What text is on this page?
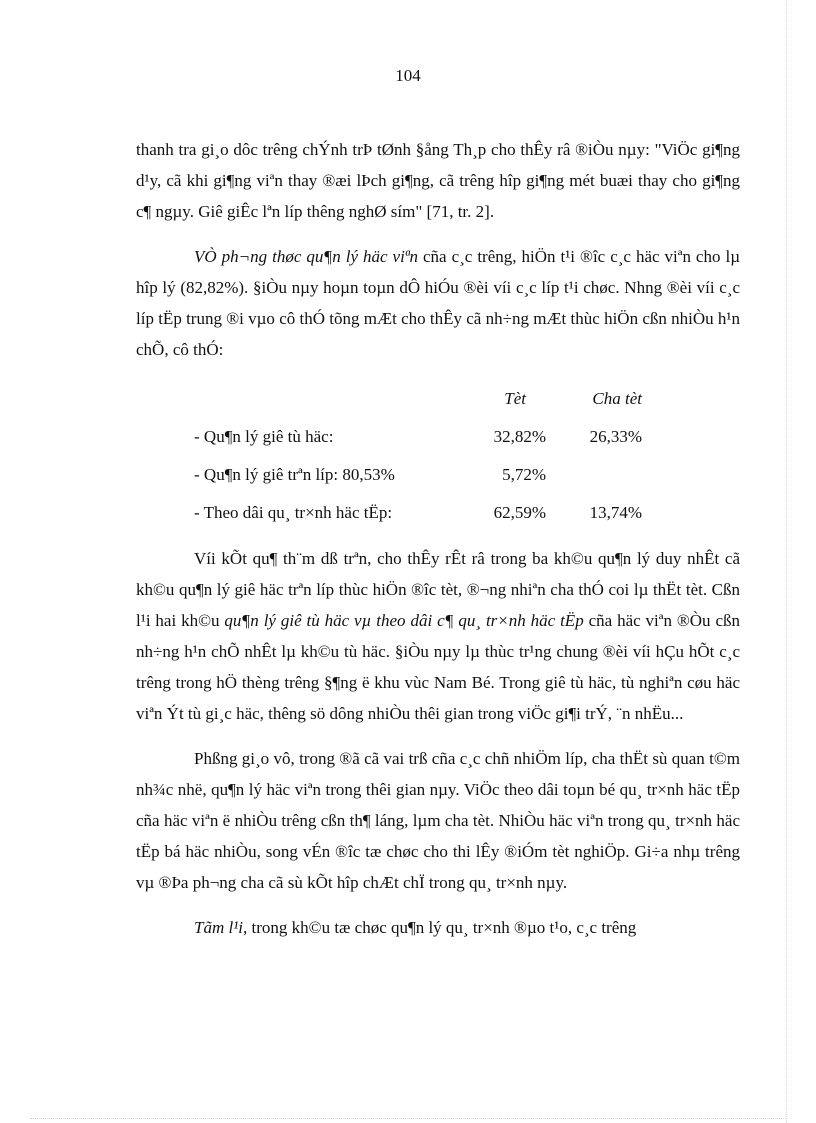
104

thanh tra gi¸o dôc trêng chÝnh trÞ tØnh §ång Th¸p cho thÊy râ ®iÒu nµy: "ViÖc gi¶ng d¹y, cã khi gi¶ng viªn thay ®æi lÞch gi¶ng, cã trêng hîp gi¶ng mét buæi thay cho gi¶ng c¶ ngµy. Giê giÊc lªn líp thêng nghØ sím" [71, tr. 2].

VÒ ph¬ng thøc qu¶n lý häc viªn cña c¸c trêng, hiÖn t¹i ®îc c¸c häc viªn cho lµ hîp lý (82,82%). §iÒu nµy hoµn toµn dÔ hiÓu ®èi víi c¸c líp t¹i chøc. Nhng ®èi víi c¸c líp tËp trung ®i vµo cô thÓ tõng mÆt cho thÊy cã nh÷ng mÆt thùc hiÖn cßn nhiÒu h¹n chÕ, cô thÓ:

Tèt	Cha tèt
- Qu¶n lý giê tù häc:	32,82%	26,33%
- Qu¶n lý giê trªn líp: 80,53%	5,72%
- Theo dâi qu¸ tr×nh häc tËp:	62,59%	13,74%

Víi kÕt qu¶ th¨m dß trªn, cho thÊy rÊt râ trong ba kh©u qu¶n lý duy nhÊt cã kh©u qu¶n lý giê häc trªn líp thùc hiÖn ®îc tèt, ®¬ng nhiªn cha thÓ coi lµ thËt tèt. Cßn l¹i hai kh©u qu¶n lý giê tù häc vµ theo dâi c¶ qu¸ tr×nh häc tËp cña häc viªn ®Òu cßn nh÷ng h¹n chÕ nhÊt lµ kh©u tù häc. §iÒu nµy lµ thùc tr¹ng chung ®èi víi hÇu hÕt c¸c trêng trong hÖ thèng trêng §¶ng ë khu vùc Nam Bé. Trong giê tù häc, tù nghiªn cøu häc viªn Ýt tù gi¸c häc, thêng sö dông nhiÒu thêi gian trong viÖc gi¶i trÝ, ¨n nhËu...

Phßng gi¸o vô, trong ®ã cã vai trß cña c¸c chñ nhiÖm líp, cha thËt sù quan t©m nh¾c nhë, qu¶n lý häc viªn trong thêi gian nµy. ViÖc theo dâi toµn bé qu¸ tr×nh häc tËp cña häc viªn ë nhiÒu trêng cßn th¶ láng, lµm cha tèt. NhiÒu häc viªn trong qu¸ tr×nh häc tËp bá häc nhiÒu, song vÉn ®îc tæ chøc cho thi lÊy ®iÓm tèt nghiÖp. Gi÷a nhµ trêng vµ ®Þa ph¬ng cha cã sù kÕt hîp chÆt chÏ trong qu¸ tr×nh nµy.

Tãm l¹i, trong kh©u tæ chøc qu¶n lý qu¸ tr×nh ®µo t¹o, c¸c trêng
